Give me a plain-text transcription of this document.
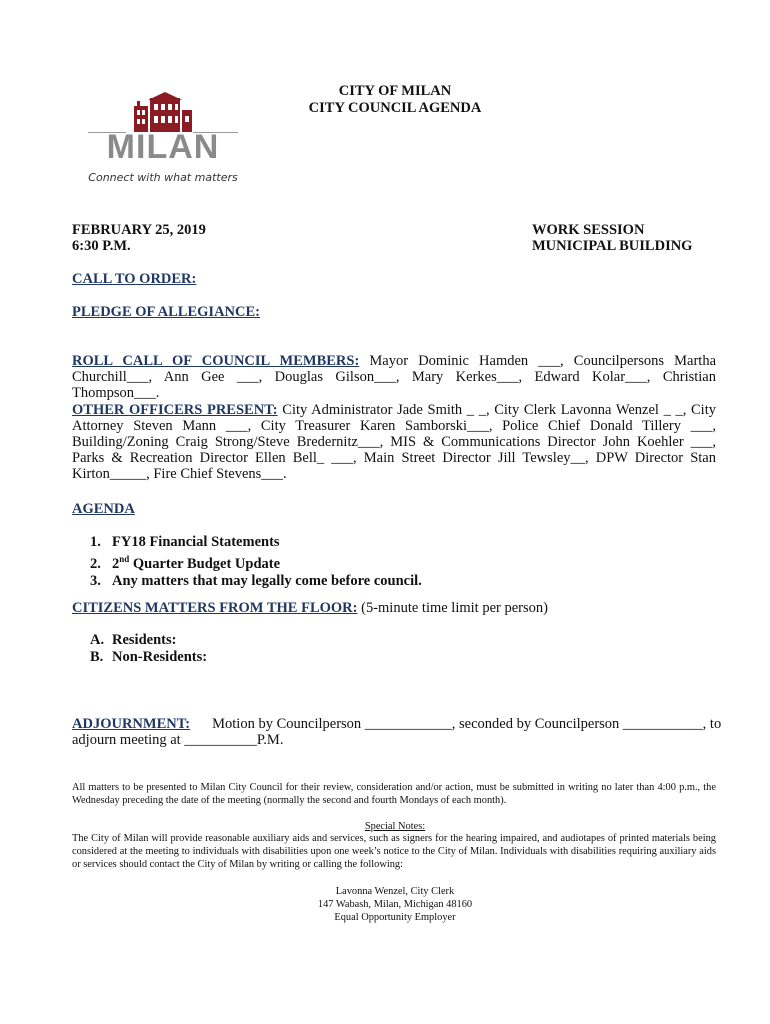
MILAN
Connect with what matters
CITY OF MILAN
CITY COUNCIL AGENDA
FEBRUARY 25, 2019
6:30 P.M.
WORK SESSION
MUNICIPAL BUILDING
CALL TO ORDER:
PLEDGE OF ALLEGIANCE:
ROLL CALL OF COUNCIL MEMBERS: Mayor Dominic Hamden ___, Councilpersons Martha Churchill___, Ann Gee ___, Douglas Gilson___, Mary Kerkes___, Edward Kolar___, Christian Thompson___.
OTHER OFFICERS PRESENT: City Administrator Jade Smith _ _, City Clerk Lavonna Wenzel _ _, City Attorney Steven Mann ___, City Treasurer Karen Samborski___, Police Chief Donald Tillery ___, Building/Zoning Craig Strong/Steve Bredernitz___, MIS & Communications Director John Koehler ___, Parks & Recreation Director Ellen Bell_ ___, Main Street Director Jill Tewsley__, DPW Director Stan Kirton_____, Fire Chief Stevens___.
AGENDA
1. FY18 Financial Statements
2. 2nd Quarter Budget Update
3. Any matters that may legally come before council.
CITIZENS MATTERS FROM THE FLOOR: (5-minute time limit per person)
A. Residents:
B. Non-Residents:
ADJOURNMENT: Motion by Councilperson ____________, seconded by Councilperson ___________, to
adjourn meeting at __________P.M.
All matters to be presented to Milan City Council for their review, consideration and/or action, must be submitted in writing no later than 4:00 p.m., the Wednesday preceding the date of the meeting (normally the second and fourth Mondays of each month).
Special Notes:
The City of Milan will provide reasonable auxiliary aids and services, such as signers for the hearing impaired, and audiotapes of printed materials being considered at the meeting to individuals with disabilities upon one week’s notice to the City of Milan. Individuals with disabilities requiring auxiliary aids or services should contact the City of Milan by writing or calling the following:
Lavonna Wenzel, City Clerk
147 Wabash, Milan, Michigan 48160
Equal Opportunity Employer
